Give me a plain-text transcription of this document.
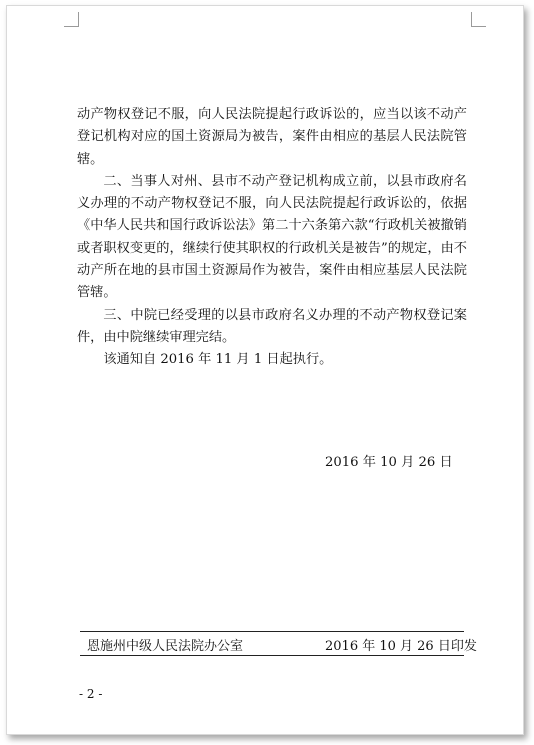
动产物权登记不服，向人民法院提起行政诉讼的，应当以该不动产登记机构对应的国土资源局为被告，案件由相应的基层人民法院管辖。

二、当事人对州、县市不动产登记机构成立前，以县市政府名义办理的不动产物权登记不服，向人民法院提起行政诉讼的，依据《中华人民共和国行政诉讼法》第二十六条第六款“行政机关被撤销或者职权变更的，继续行使其职权的行政机关是被告”的规定，由不动产所在地的县市国土资源局作为被告，案件由相应基层人民法院管辖。

三、中院已经受理的以县市政府名义办理的不动产物权登记案件，由中院继续审理完结。

该通知自 2016 年 11 月 1 日起执行。

2016 年 10 月 26 日
恩施州中级人民法院办公室	2016 年 10 月 26 日印发
- 2 -
